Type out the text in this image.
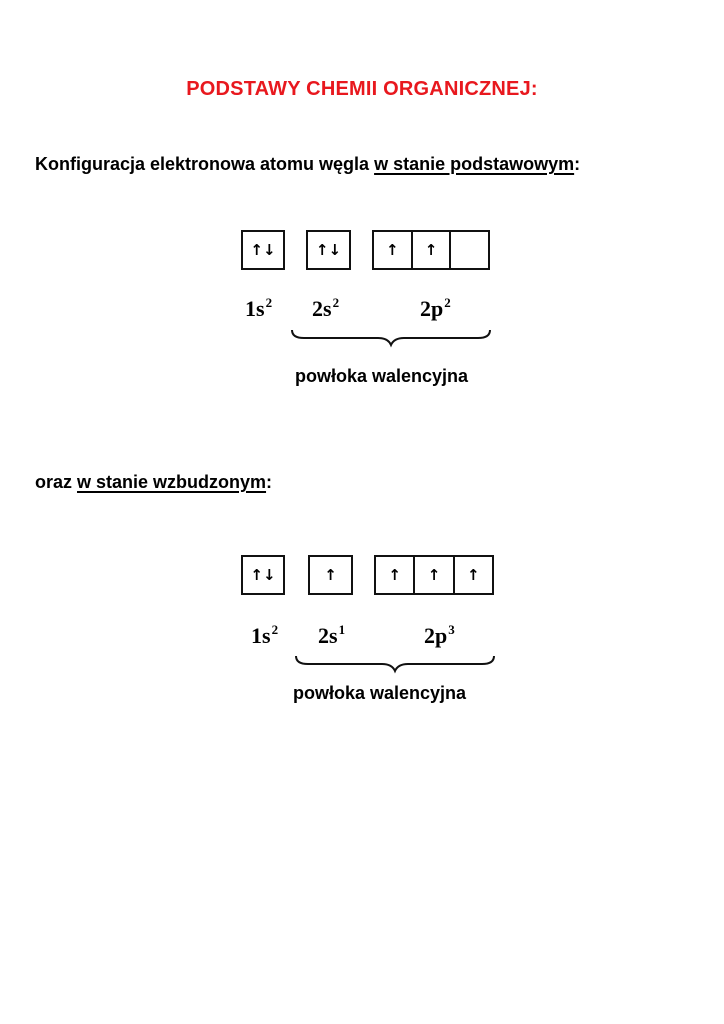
PODSTAWY CHEMII ORGANICZNEJ:
Konfiguracja elektronowa atomu węgla w stanie podstawowym:
↑↓	↑↓	↑	↑
$1s^2$ $2s^2$	$2p^2$
powłoka walencyjna
oraz w stanie wzbudzonym:
↑↓	↑	↑	↑	↑
$1s^2$ $2s^1$	$2p^3$
powłoka walencyjna
